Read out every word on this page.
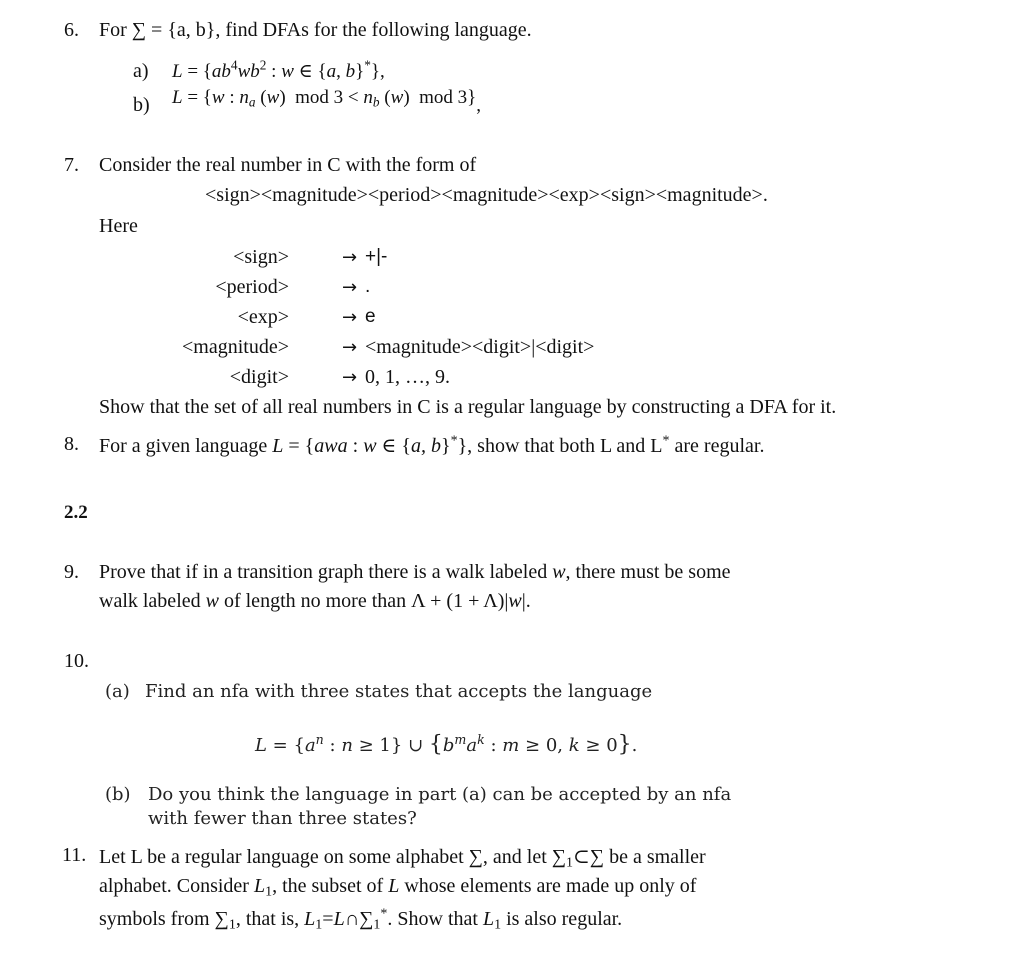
6. For ∑ = {a, b}, find DFAs for the following language.
a) $L = \{ab^4wb^2$ : w ∈ {a, b}*},
b) L = {w : $n_a$ (w)  mod $3 < n_b$ (w)  mod 3},
7. Consider the real number in C with the form of
<sign><magnitude><period><magnitude><exp><sign><magnitude>.
Here
<sign>	→ +|-
<period>	→ .
<exp>	→ e
<magnitude>	→ <magnitude><digit>|<digit>
<digit>	→ 0, 1, …, 9.
Show that the set of all real numbers in C is a regular language by constructing a DFA for it.
8. For a given language L = {awa : w ∈ {a, b}*}, show that both L and L* are regular.
2.2
9. Prove that if in a transition graph there is a walk labeled w, there must be some
walk labeled w of length no more than Λ + (1 + Λ)|w|.
10.
(a) Find an nfa with three states that accepts the language
$L = \{a^n$ : n ≥ 1} ∪ {$b^ma^k$ : m ≥ 0, k ≥ 0}.
(b) Do you think the language in part (a) can be accepted by an nfa
with fewer than three states?
11. Let L be a regular language on some alphabet ∑, and let $\sum_1\subset\sum$ be a smaller
alphabet. Consider $L_1$, the subset of L whose elements are made up only of
symbols from $\sum_1$, that is, $L_1=L\cap\sum_1^*$. Show that $L_1$ is also regular.
